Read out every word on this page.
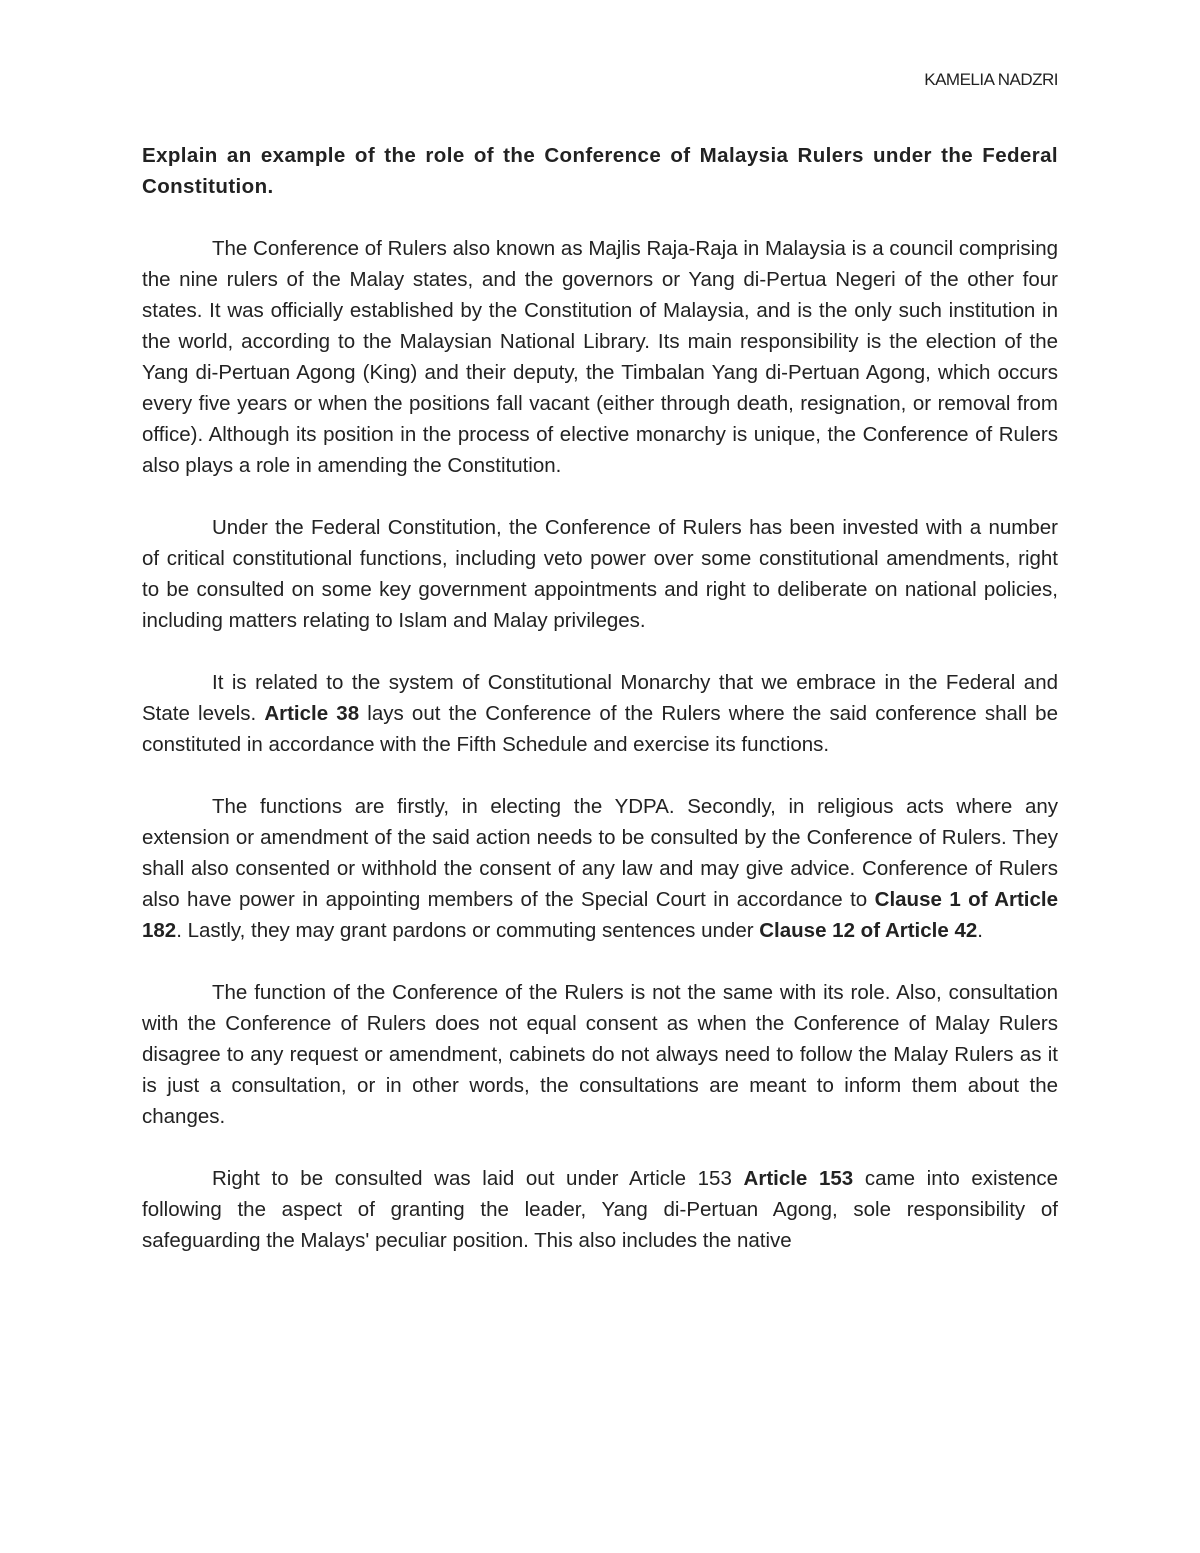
KAMELIA NADZRI
Explain an example of the role of the Conference of Malaysia Rulers under the Federal Constitution.

The Conference of Rulers also known as Majlis Raja-Raja in Malaysia is a council comprising the nine rulers of the Malay states, and the governors or Yang di-Pertua Negeri of the other four states. It was officially established by the Constitution of Malaysia, and is the only such institution in the world, according to the Malaysian National Library. Its main responsibility is the election of the Yang di-Pertuan Agong (King) and their deputy, the Timbalan Yang di-Pertuan Agong, which occurs every five years or when the positions fall vacant (either through death, resignation, or removal from office). Although its position in the process of elective monarchy is unique, the Conference of Rulers also plays a role in amending the Constitution.

Under the Federal Constitution, the Conference of Rulers has been invested with a number of critical constitutional functions, including veto power over some constitutional amendments, right to be consulted on some key government appointments and right to deliberate on national policies, including matters relating to Islam and Malay privileges.

It is related to the system of Constitutional Monarchy that we embrace in the Federal and State levels. Article 38 lays out the Conference of the Rulers where the said conference shall be constituted in accordance with the Fifth Schedule and exercise its functions.

The functions are firstly, in electing the YDPA. Secondly, in religious acts where any extension or amendment of the said action needs to be consulted by the Conference of Rulers. They shall also consented or withhold the consent of any law and may give advice. Conference of Rulers also have power in appointing members of the Special Court in accordance to Clause 1 of Article 182. Lastly, they may grant pardons or commuting sentences under Clause 12 of Article 42.

The function of the Conference of the Rulers is not the same with its role. Also, consultation with the Conference of Rulers does not equal consent as when the Conference of Malay Rulers disagree to any request or amendment, cabinets do not always need to follow the Malay Rulers as it is just a consultation, or in other words, the consultations are meant to inform them about the changes.

Right to be consulted was laid out under Article 153 Article 153 came into existence following the aspect of granting the leader, Yang di-Pertuan Agong, sole responsibility of safeguarding the Malays' peculiar position. This also includes the native
